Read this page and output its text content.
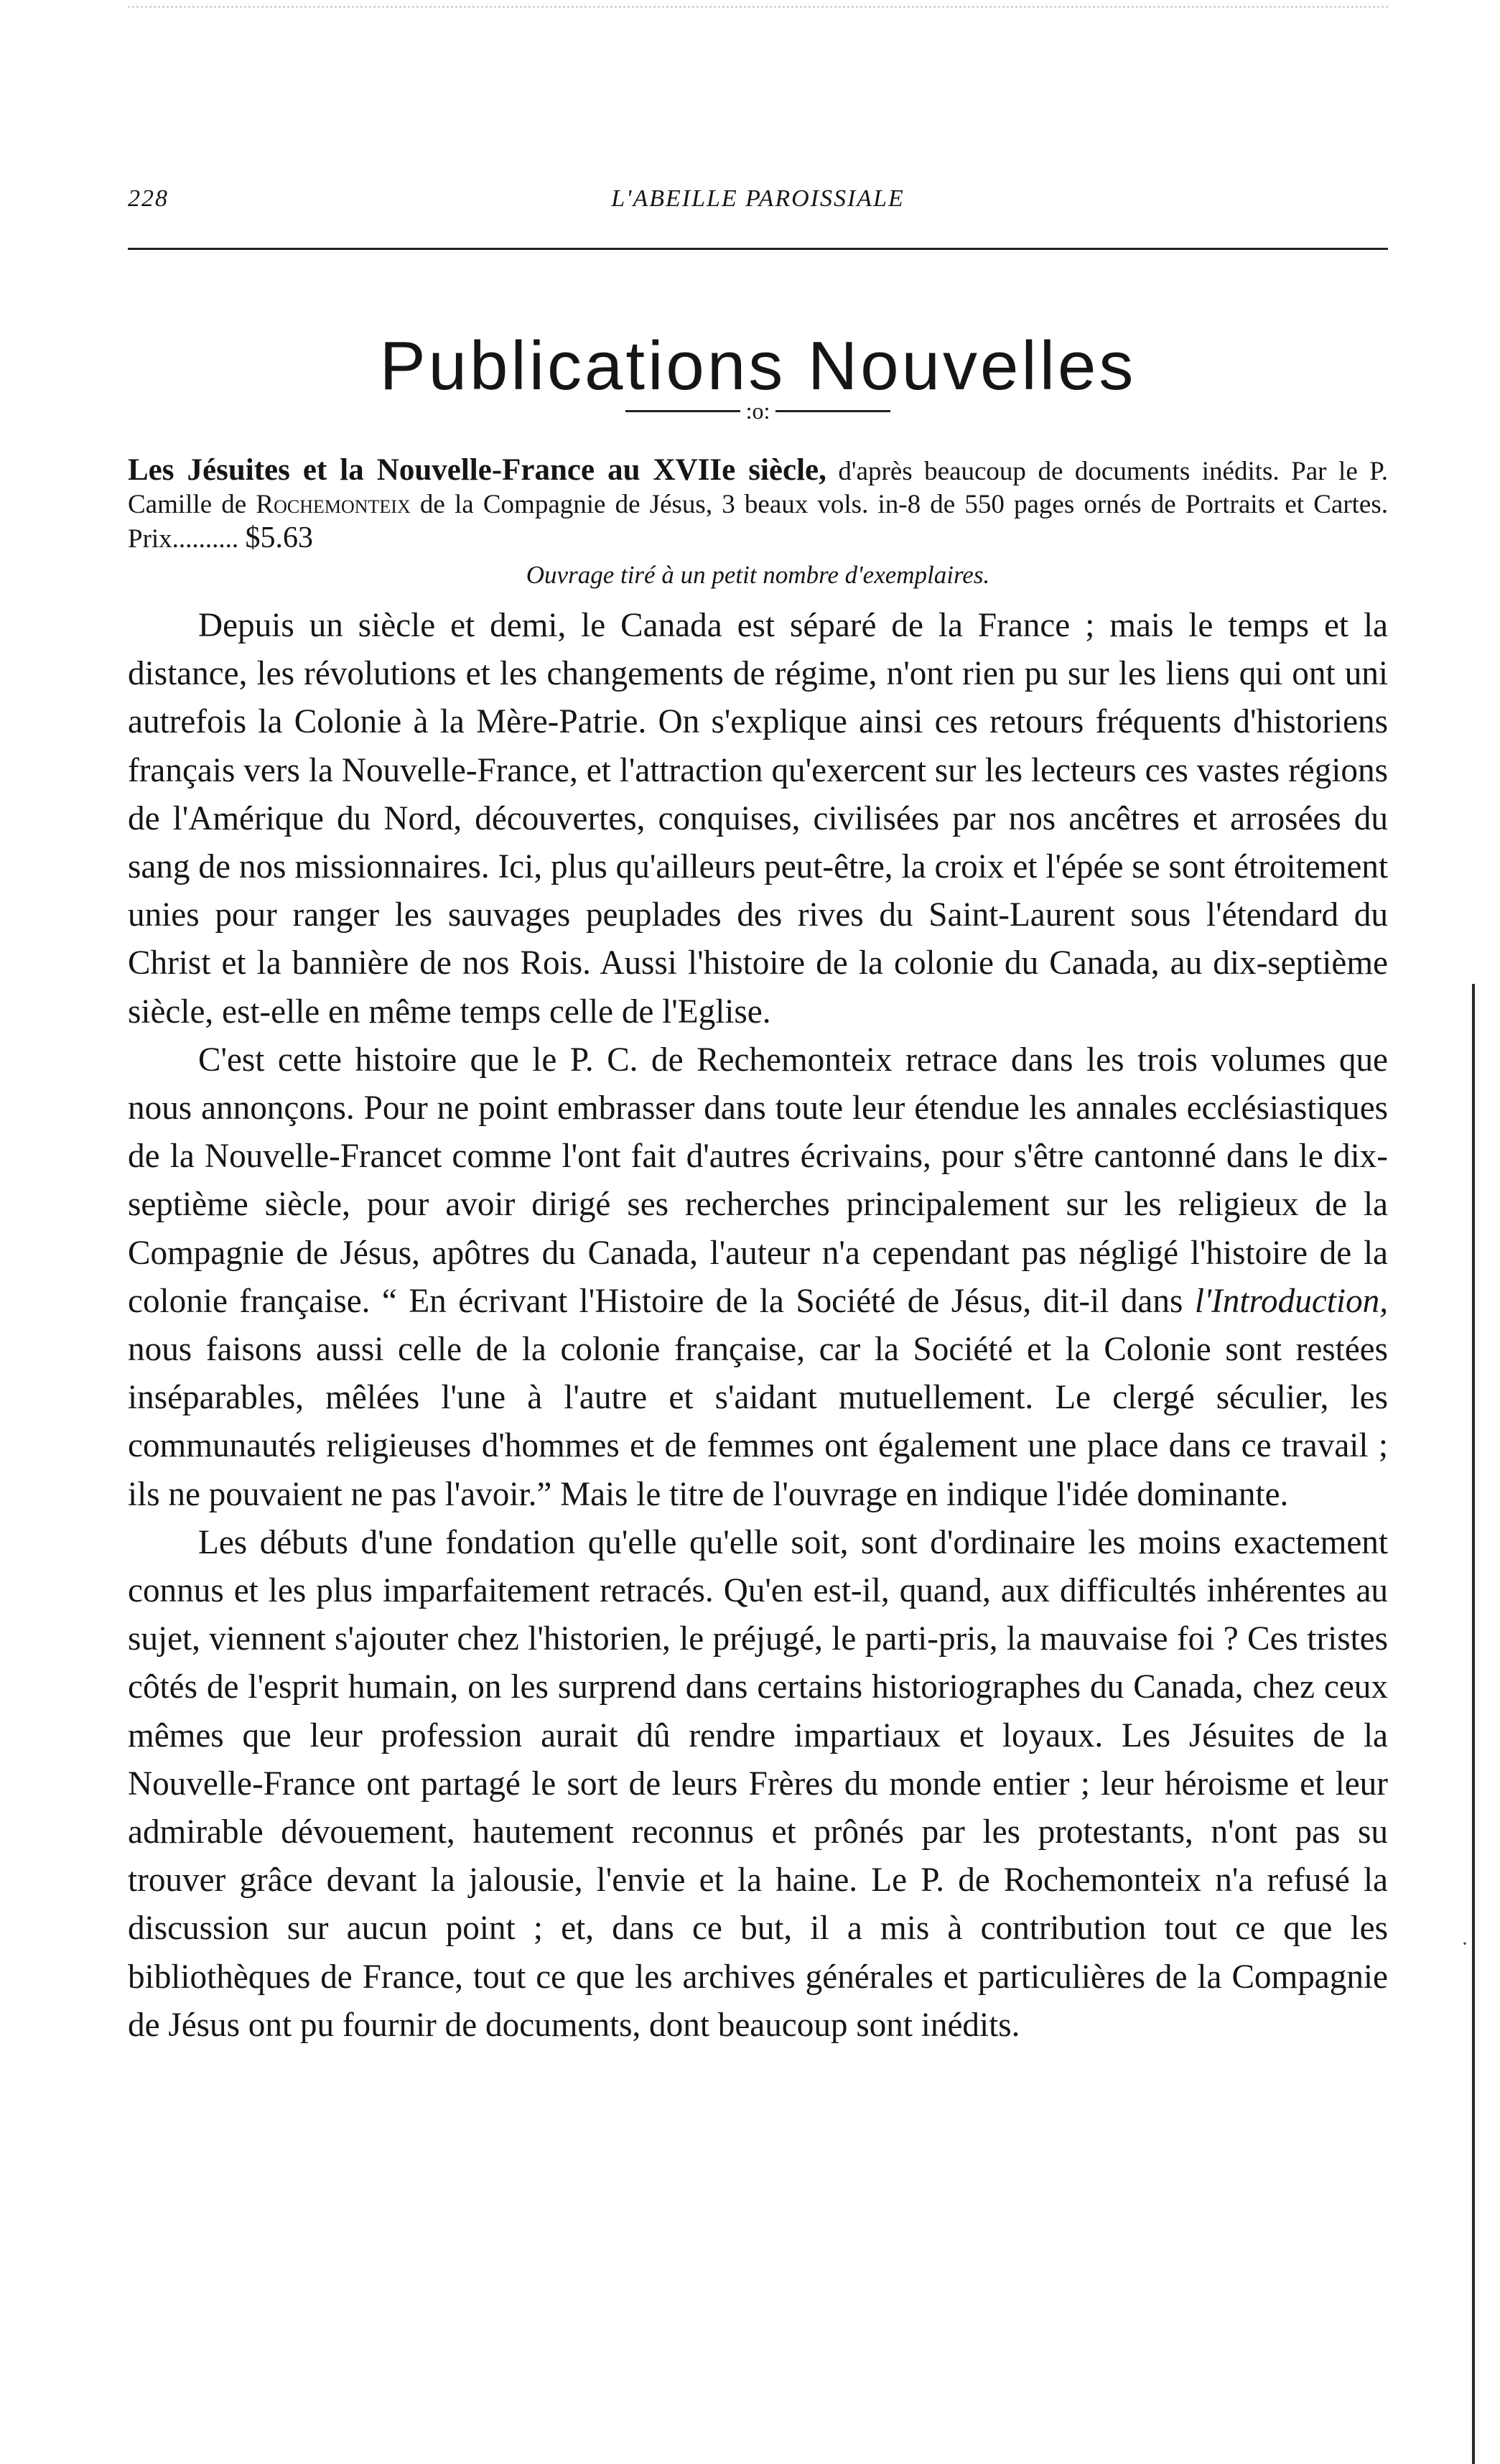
228	L'ABEILLE PAROISSIALE
Publications Nouvelles
:o:

Les Jésuites et la Nouvelle-France au XVIIe siècle, d'après beaucoup de documents inédits. Par le P. Camille de Rochemonteix de la Compagnie de Jésus, 3 beaux vols. in-8 de 550 pages ornés de Portraits et Cartes. Prix.......... $5.63

Ouvrage tiré à un petit nombre d'exemplaires.

Depuis un siècle et demi, le Canada est séparé de la France ; mais le temps et la distance, les révolutions et les changements de régime, n'ont rien pu sur les liens qui ont uni autrefois la Colonie à la Mère-Patrie. On s'explique ainsi ces retours fréquents d'historiens français vers la Nouvelle-France, et l'attraction qu'exercent sur les lecteurs ces vastes régions de l'Amérique du Nord, découvertes, conquises, civilisées par nos ancêtres et arrosées du sang de nos missionnaires. Ici, plus qu'ailleurs peut-être, la croix et l'épée se sont étroitement unies pour ranger les sauvages peuplades des rives du Saint-Laurent sous l'étendard du Christ et la bannière de nos Rois. Aussi l'histoire de la colonie du Canada, au dix-septième siècle, est-elle en même temps celle de l'Eglise.

C'est cette histoire que le P. C. de Rechemonteix retrace dans les trois volumes que nous annonçons. Pour ne point embrasser dans toute leur étendue les annales ecclésiastiques de la Nouvelle-Francet comme l'ont fait d'autres écrivains, pour s'être cantonné dans le dix-septième siècle, pour avoir dirigé ses recherches principalement sur les religieux de la Compagnie de Jésus, apôtres du Canada, l'auteur n'a cependant pas négligé l'histoire de la colonie française. “ En écrivant l'Histoire de la Société de Jésus, dit-il dans l'Introduction, nous faisons aussi celle de la colonie française, car la Société et la Colonie sont restées inséparables, mêlées l'une à l'autre et s'aidant mutuellement. Le clergé séculier, les communautés religieuses d'hommes et de femmes ont également une place dans ce travail ; ils ne pouvaient ne pas l'avoir.” Mais le titre de l'ouvrage en indique l'idée dominante.

Les débuts d'une fondation qu'elle qu'elle soit, sont d'ordinaire les moins exactement connus et les plus imparfaitement retracés. Qu'en est-il, quand, aux difficultés inhérentes au sujet, viennent s'ajouter chez l'historien, le préjugé, le parti-pris, la mauvaise foi ? Ces tristes côtés de l'esprit humain, on les surprend dans certains historiographes du Canada, chez ceux mêmes que leur profession aurait dû rendre impartiaux et loyaux. Les Jésuites de la Nouvelle-France ont partagé le sort de leurs Frères du monde entier ; leur héroisme et leur admirable dévouement, hautement reconnus et prônés par les protestants, n'ont pas su trouver grâce devant la jalousie, l'envie et la haine. Le P. de Rochemonteix n'a refusé la discussion sur aucun point ; et, dans ce but, il a mis à contribution tout ce que les bibliothèques de France, tout ce que les archives générales et particulières de la Compagnie de Jésus ont pu fournir de documents, dont beaucoup sont inédits.

·
